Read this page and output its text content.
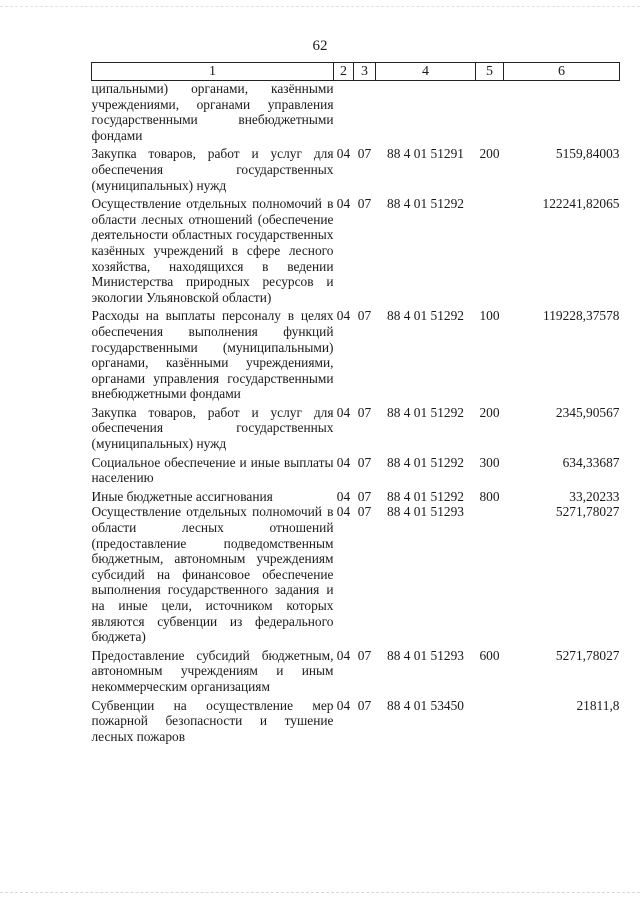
62
1	2	3	4	5	6
ципальными) органами, казёнными учреждениями, органами управления государственными внебюджетными фондами					
Закупка товаров, работ и услуг для обеспечения государственных (муниципальных) нужд	04	07	88 4 01 51291	200	5159,84003
Осуществление отдельных полномочий в области лесных отношений (обеспечение деятельности областных государственных казённых учреждений в сфере лесного хозяйства, находящихся в ведении Министерства природных ресурсов и экологии Ульяновской области)	04	07	88 4 01 51292		122241,82065
Расходы на выплаты персоналу в целях обеспечения выполнения функций государственными (муниципальными) органами, казёнными учреждениями, органами управления государственными внебюджетными фондами	04	07	88 4 01 51292	100	119228,37578
Закупка товаров, работ и услуг для обеспечения государственных (муниципальных) нужд	04	07	88 4 01 51292	200	2345,90567
Социальное обеспечение и иные выплаты населению	04	07	88 4 01 51292	300	634,33687
Иные бюджетные ассигнования	04	07	88 4 01 51292	800	33,20233
Осуществление отдельных полномочий в области лесных отношений (предоставление подведомственным бюджетным, автономным учреждениям субсидий на финансовое обеспечение выполнения государственного задания и на иные цели, источником которых являются субвенции из федерального бюджета)	04	07	88 4 01 51293		5271,78027
Предоставление субсидий бюджетным, автономным учреждениям и иным некоммерческим организациям	04	07	88 4 01 51293	600	5271,78027
Субвенции на осуществление мер пожарной безопасности и тушение лесных пожаров	04	07	88 4 01 53450		21811,8
